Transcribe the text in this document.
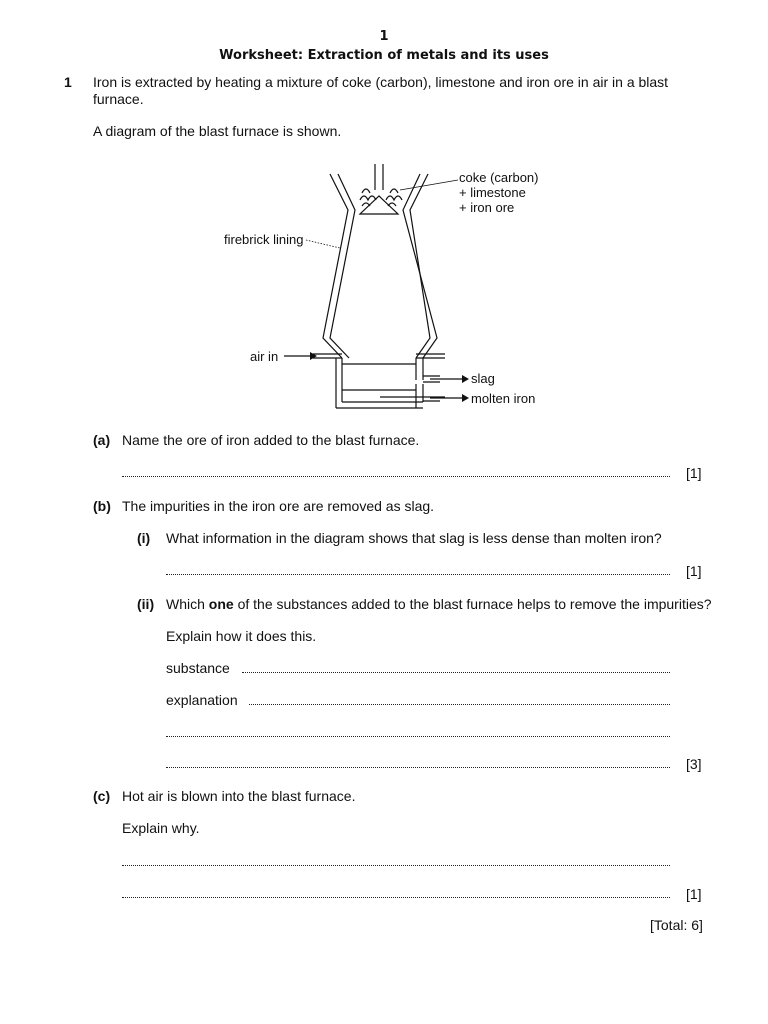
1
Worksheet: Extraction of metals and its uses
1 Iron is extracted by heating a mixture of coke (carbon), limestone and iron ore in air in a blast furnace.
A diagram of the blast furnace is shown.
coke (carbon)
+ limestone
+ iron ore
firebrick lining
air in
slag
molten iron
(a) Name the ore of iron added to the blast furnace.
[1]
(b) The impurities in the iron ore are removed as slag.
(i) What information in the diagram shows that slag is less dense than molten iron?
[1]
(ii) Which one of the substances added to the blast furnace helps to remove the impurities?
Explain how it does this.
substance
explanation
[3]
(c) Hot air is blown into the blast furnace.
Explain why.
[1]
[Total: 6]
